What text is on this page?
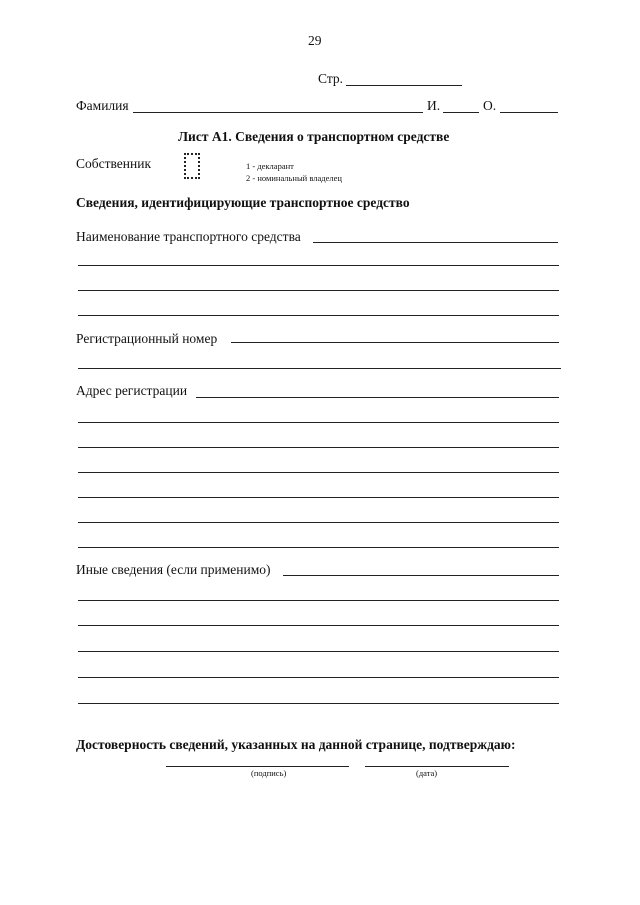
29
Стр.
Фамилия	И.	О.
Лист А1. Сведения о транспортном средстве
Собственник	1 - декларант
2 - номинальный владелец
Сведения, идентифицирующие транспортное средство
Наименование транспортного средства
Регистрационный номер
Адрес регистрации
Иные сведения (если применимо)
Достоверность сведений, указанных на данной странице, подтверждаю:
(подпись)	(дата)
